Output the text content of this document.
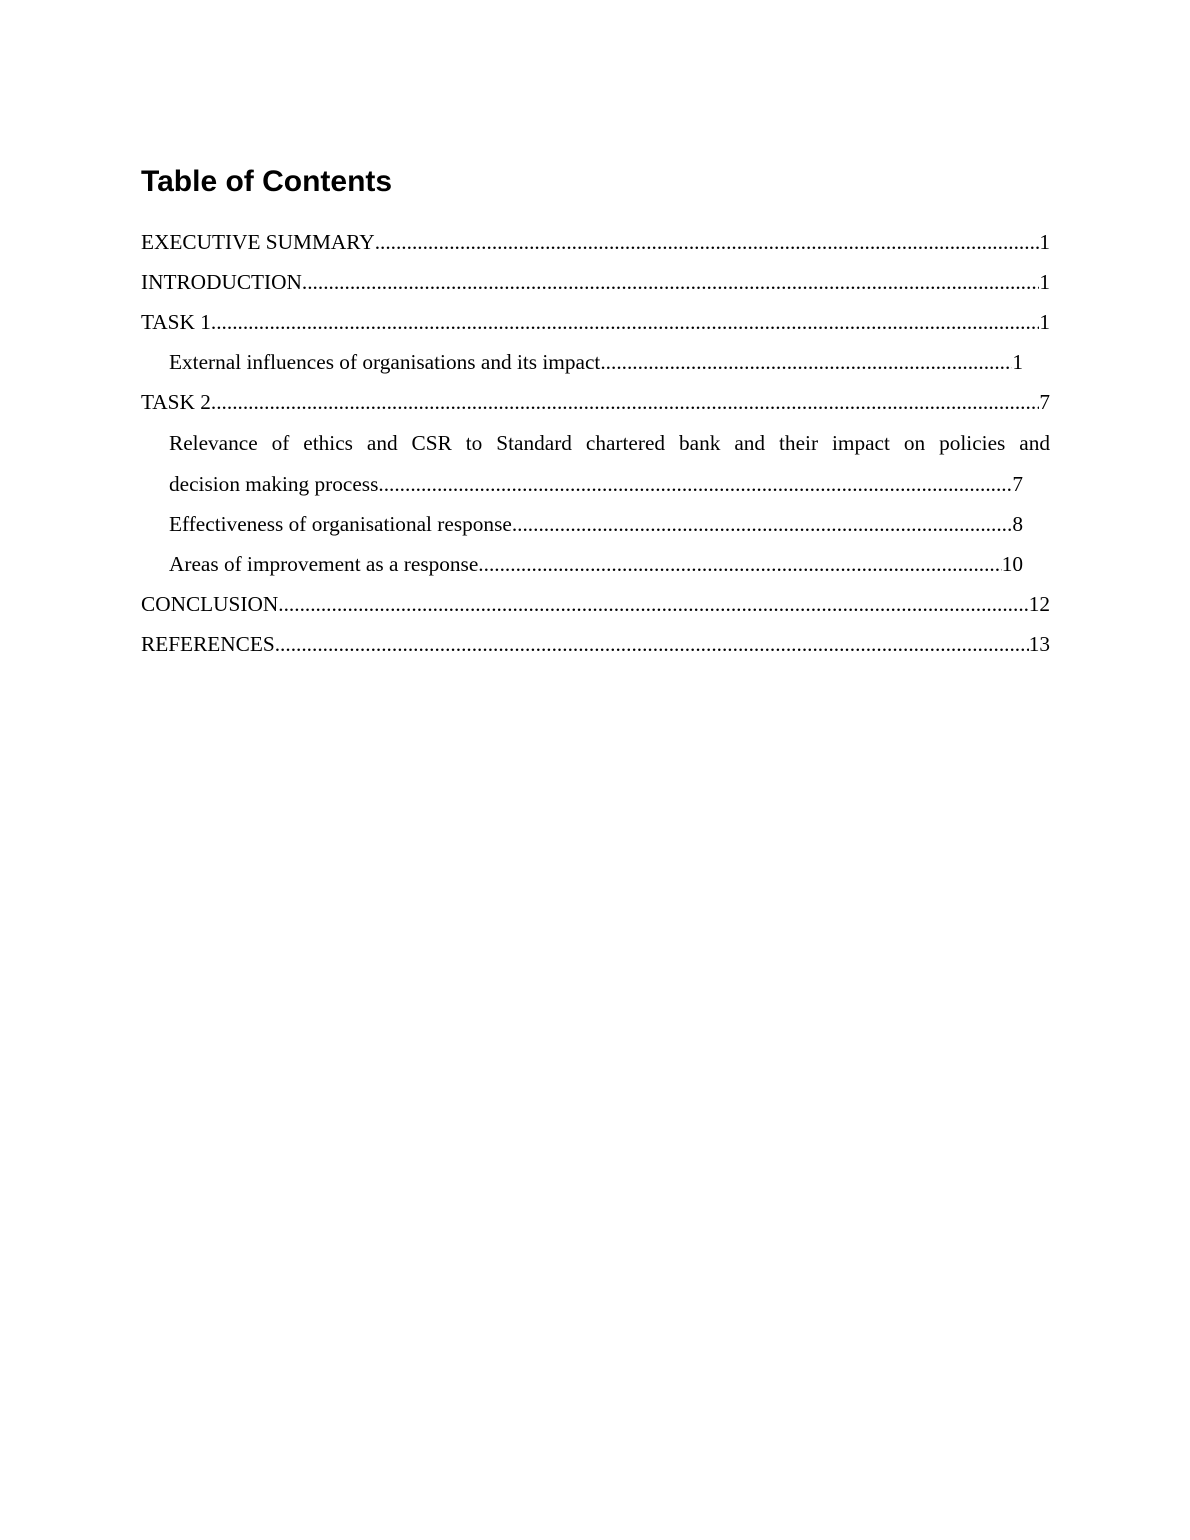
Table of Contents
EXECUTIVE SUMMARY .....	1
INTRODUCTION .....	1
TASK 1 .....	1
External influences of organisations and its impact .....	1
TASK 2 .....	7
Relevance of ethics and CSR to Standard chartered bank and their impact on policies and
decision making process .....	7
Effectiveness of organisational response .....	8
Areas of improvement as a response .....	10
CONCLUSION .....	12
REFERENCES .....	13
